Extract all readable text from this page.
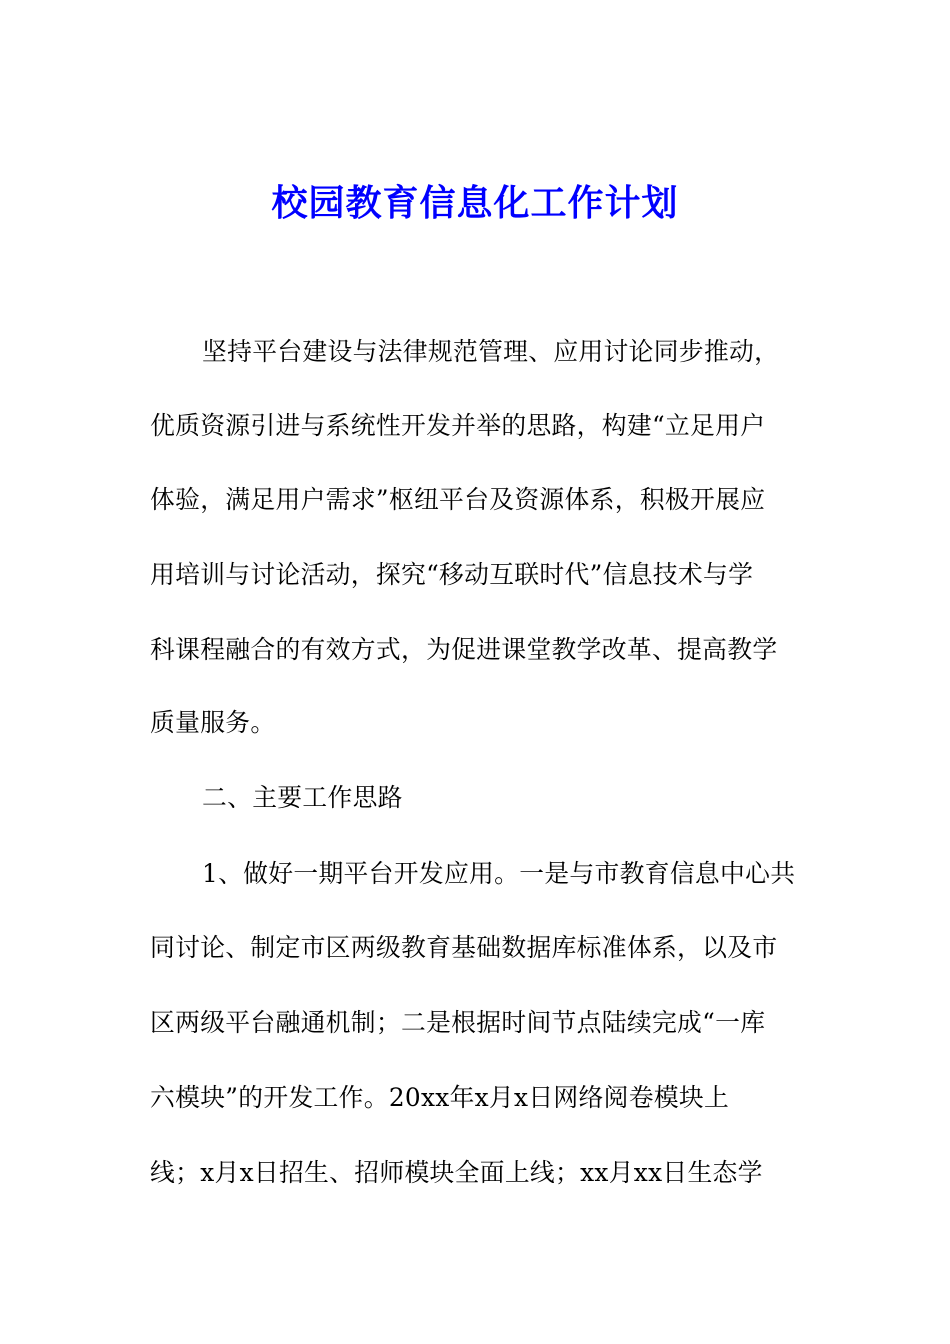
校园教育信息化工作计划
坚持平台建设与法律规范管理、应用讨论同步推动，
优质资源引进与系统性开发并举的思路，构建“立足用户
体验，满足用户需求”枢纽平台及资源体系，积极开展应
用培训与讨论活动，探究“移动互联时代”信息技术与学
科课程融合的有效方式，为促进课堂教学改革、提高教学
质量服务。
二、主要工作思路
1、做好一期平台开发应用。一是与市教育信息中心共
同讨论、制定市区两级教育基础数据库标准体系，以及市
区两级平台融通机制；二是根据时间节点陆续完成“一库
六模块”的开发工作。20xx年x月x日网络阅卷模块上
线；x月x日招生、招师模块全面上线；xx月xx日生态学
